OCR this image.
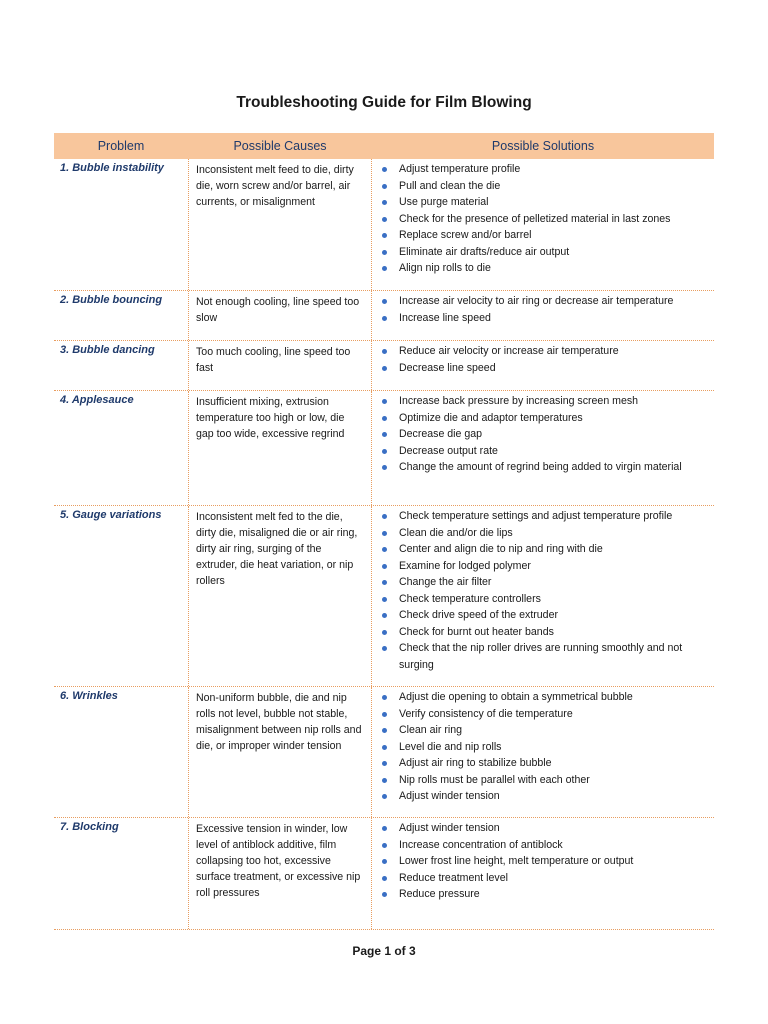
Troubleshooting Guide for Film Blowing
Problem	Possible Causes	Possible Solutions
1. Bubble instability	Inconsistent melt feed to die, dirty die, worn screw and/or barrel, air currents, or misalignment
Adjust temperature profile
Pull and clean the die
Use purge material
Check for the presence of pelletized material in last zones
Replace screw and/or barrel
Eliminate air drafts/reduce air output
Align nip rolls to die
2. Bubble bouncing	Not enough cooling, line speed too slow
Increase air velocity to air ring or decrease air temperature
Increase line speed
3. Bubble dancing	Too much cooling, line speed too fast
Reduce air velocity or increase air temperature
Decrease line speed
4. Applesauce	Insufficient mixing, extrusion temperature too high or low, die gap too wide, excessive regrind
Increase back pressure by increasing screen mesh
Optimize die and adaptor temperatures
Decrease die gap
Decrease output rate
Change the amount of regrind being added to virgin material
5. Gauge variations	Inconsistent melt fed to the die, dirty die, misaligned die or air ring, dirty air ring, surging of the extruder, die heat variation, or nip rollers
Check temperature settings and adjust temperature profile
Clean die and/or die lips
Center and align die to nip and ring with die
Examine for lodged polymer
Change the air filter
Check temperature controllers
Check drive speed of the extruder
Check for burnt out heater bands
Check that the nip roller drives are running smoothly and not surging
6. Wrinkles	Non-uniform bubble, die and nip rolls not level, bubble not stable, misalignment between nip rolls and die, or improper winder tension
Adjust die opening to obtain a symmetrical bubble
Verify consistency of die temperature
Clean air ring
Level die and nip rolls
Adjust air ring to stabilize bubble
Nip rolls must be parallel with each other
Adjust winder tension
7. Blocking	Excessive tension in winder, low level of antiblock additive, film collapsing too hot, excessive surface treatment, or excessive nip roll pressures
Adjust winder tension
Increase concentration of antiblock
Lower frost line height, melt temperature or output
Reduce treatment level
Reduce pressure
Page 1 of 3
